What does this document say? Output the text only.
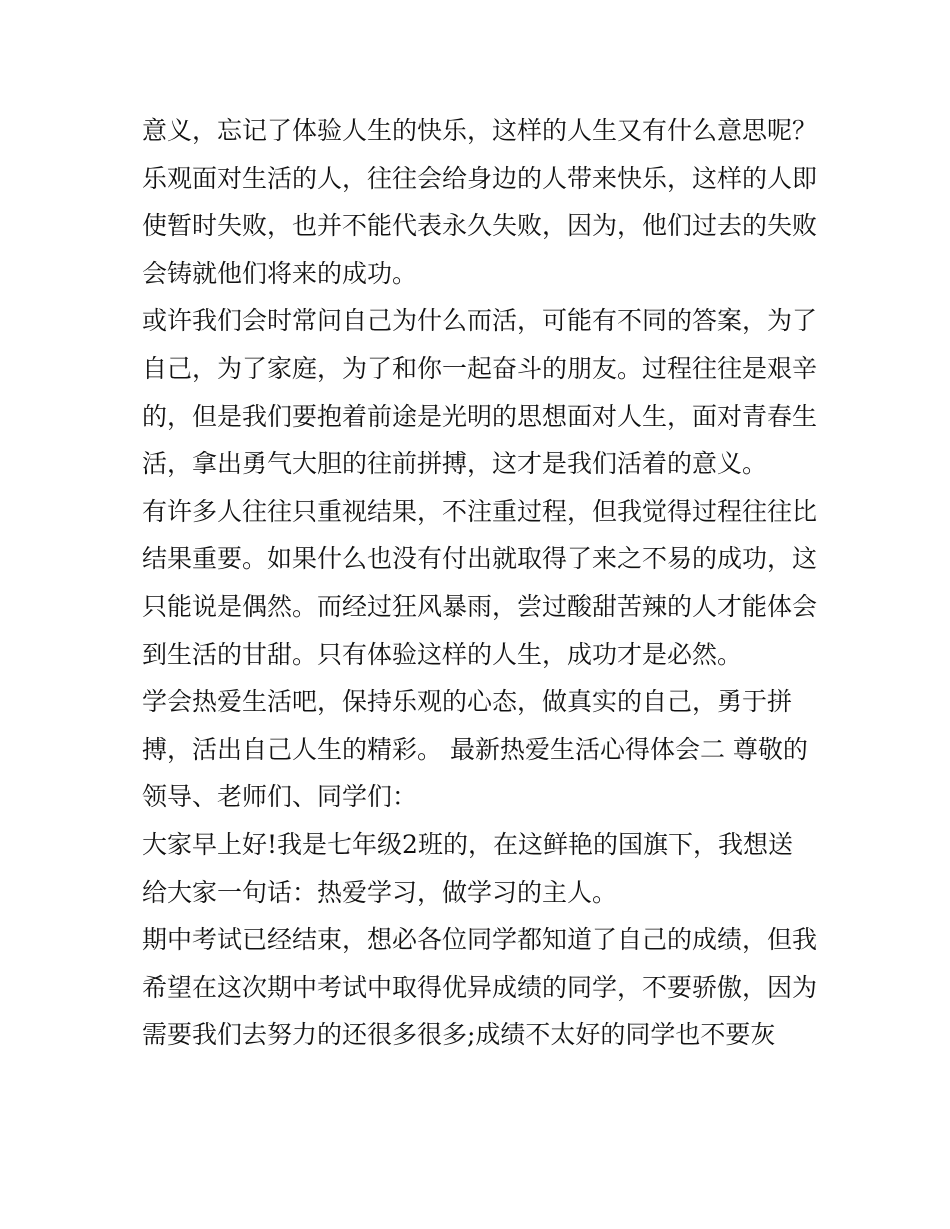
意义，忘记了体验人生的快乐，这样的人生又有什么意思呢？
乐观面对生活的人，往往会给身边的人带来快乐，这样的人即
使暂时失败，也并不能代表永久失败，因为，他们过去的失败
会铸就他们将来的成功。
或许我们会时常问自己为什么而活，可能有不同的答案，为了
自己，为了家庭，为了和你一起奋斗的朋友。过程往往是艰辛
的，但是我们要抱着前途是光明的思想面对人生，面对青春生
活，拿出勇气大胆的往前拼搏，这才是我们活着的意义。
有许多人往往只重视结果，不注重过程，但我觉得过程往往比
结果重要。如果什么也没有付出就取得了来之不易的成功，这
只能说是偶然。而经过狂风暴雨，尝过酸甜苦辣的人才能体会
到生活的甘甜。只有体验这样的人生，成功才是必然。
学会热爱生活吧，保持乐观的心态，做真实的自己，勇于拼
搏，活出自己人生的精彩。 最新热爱生活心得体会二 尊敬的
领导、老师们、同学们：
大家早上好!我是七年级2班的，在这鲜艳的国旗下，我想送
给大家一句话：热爱学习，做学习的主人。
期中考试已经结束，想必各位同学都知道了自己的成绩，但我
希望在这次期中考试中取得优异成绩的同学，不要骄傲，因为
需要我们去努力的还很多很多;成绩不太好的同学也不要灰
